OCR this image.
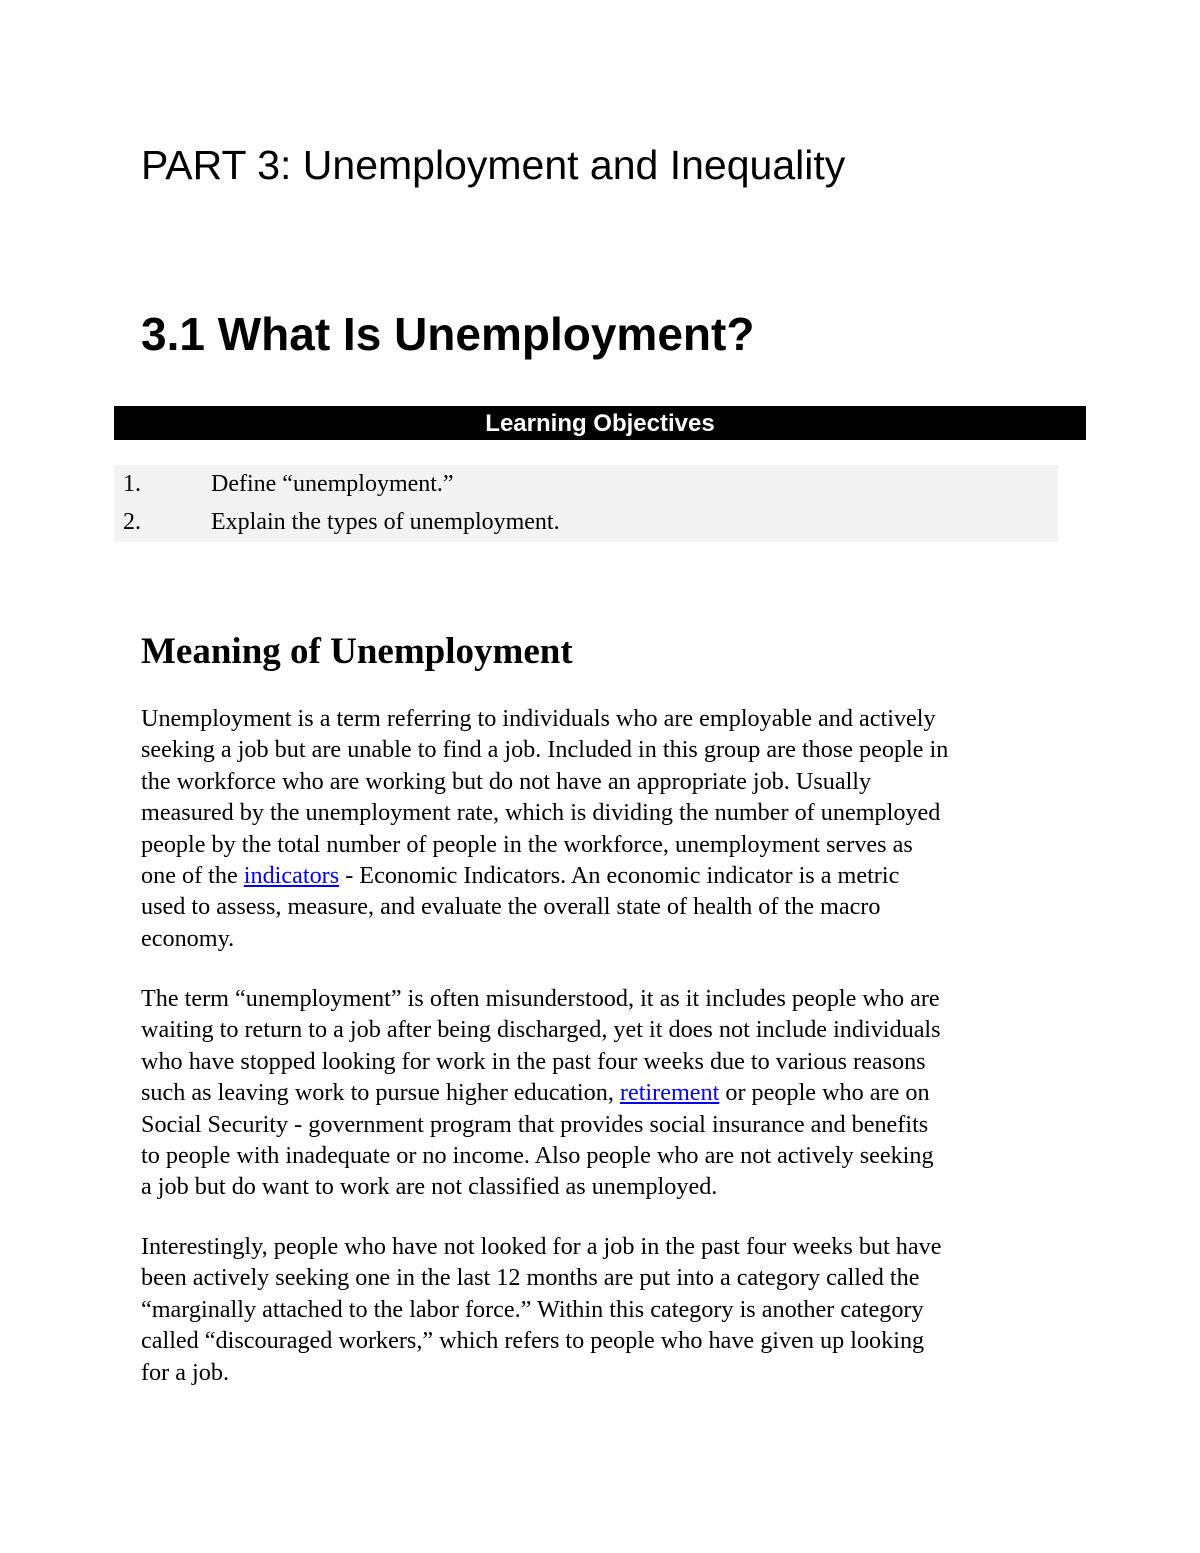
PART 3: Unemployment and Inequality
3.1 What Is Unemployment?
Learning Objectives
1.	Define “unemployment.”
2.	Explain the types of unemployment.
Meaning of Unemployment

Unemployment is a term referring to individuals who are employable and actively
seeking a job but are unable to find a job. Included in this group are those people in
the workforce who are working but do not have an appropriate job. Usually
measured by the unemployment rate, which is dividing the number of unemployed
people by the total number of people in the workforce, unemployment serves as
one of the indicators - Economic Indicators. An economic indicator is a metric
used to assess, measure, and evaluate the overall state of health of the macro
economy.

The term “unemployment” is often misunderstood, it as it includes people who are
waiting to return to a job after being discharged, yet it does not include individuals
who have stopped looking for work in the past four weeks due to various reasons
such as leaving work to pursue higher education, retirement or people who are on
Social Security - government program that provides social insurance and benefits
to people with inadequate or no income. Also people who are not actively seeking
a job but do want to work are not classified as unemployed.

Interestingly, people who have not looked for a job in the past four weeks but have
been actively seeking one in the last 12 months are put into a category called the
“marginally attached to the labor force.” Within this category is another category
called “discouraged workers,” which refers to people who have given up looking
for a job.
